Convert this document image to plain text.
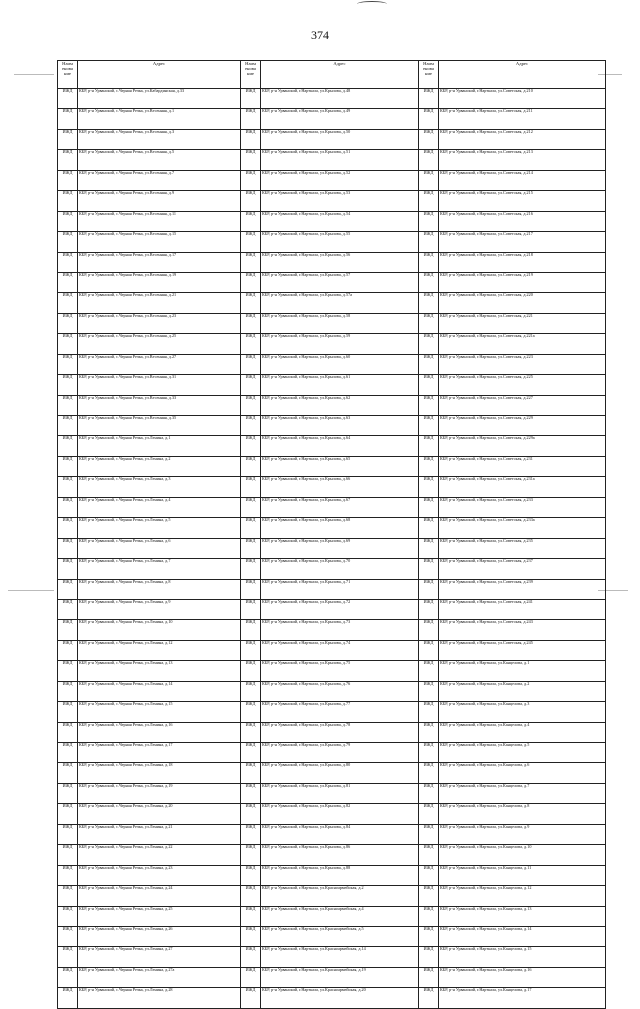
374
Наим енова ние	Адрес	Наим енова ние	Адрес	Наим енова ние	Адрес
ИЖД	КБР, р-н Урванский, с.Черная Речка, ул.Кабардинская, д.33	ИЖД	КБР, р-н Урванский, г.Нарткала, ул.Крылова, д.48	ИЖД	КБР, р-н Урванский, г.Нарткала, ул.Советская, д.210
ИЖД	КБР, р-н Урванский, с.Черная Речка, ул.Весенняя, д.1	ИЖД	КБР, р-н Урванский, г.Нарткала, ул.Крылова, д.49	ИЖД	КБР, р-н Урванский, г.Нарткала, ул.Советская, д.211
ИЖД	КБР, р-н Урванский, с.Черная Речка, ул.Весенняя, д.3	ИЖД	КБР, р-н Урванский, г.Нарткала, ул.Крылова, д.50	ИЖД	КБР, р-н Урванский, г.Нарткала, ул.Советская, д.212
ИЖД	КБР, р-н Урванский, с.Черная Речка, ул.Весенняя, д.5	ИЖД	КБР, р-н Урванский, г.Нарткала, ул.Крылова, д.51	ИЖД	КБР, р-н Урванский, г.Нарткала, ул.Советская, д.213
ИЖД	КБР, р-н Урванский, с.Черная Речка, ул.Весенняя, д.7	ИЖД	КБР, р-н Урванский, г.Нарткала, ул.Крылова, д.52	ИЖД	КБР, р-н Урванский, г.Нарткала, ул.Советская, д.214
ИЖД	КБР, р-н Урванский, с.Черная Речка, ул.Весенняя, д.9	ИЖД	КБР, р-н Урванский, г.Нарткала, ул.Крылова, д.53	ИЖД	КБР, р-н Урванский, г.Нарткала, ул.Советская, д.215
ИЖД	КБР, р-н Урванский, с.Черная Речка, ул.Весенняя, д.11	ИЖД	КБР, р-н Урванский, г.Нарткала, ул.Крылова, д.54	ИЖД	КБР, р-н Урванский, г.Нарткала, ул.Советская, д.216
ИЖД	КБР, р-н Урванский, с.Черная Речка, ул.Весенняя, д.15	ИЖД	КБР, р-н Урванский, г.Нарткала, ул.Крылова, д.55	ИЖД	КБР, р-н Урванский, г.Нарткала, ул.Советская, д.217
ИЖД	КБР, р-н Урванский, с.Черная Речка, ул.Весенняя, д.17	ИЖД	КБР, р-н Урванский, г.Нарткала, ул.Крылова, д.56	ИЖД	КБР, р-н Урванский, г.Нарткала, ул.Советская, д.218
ИЖД	КБР, р-н Урванский, с.Черная Речка, ул.Весенняя, д.19	ИЖД	КБР, р-н Урванский, г.Нарткала, ул.Крылова, д.57	ИЖД	КБР, р-н Урванский, г.Нарткала, ул.Советская, д.219
ИЖД	КБР, р-н Урванский, с.Черная Речка, ул.Весенняя, д.21	ИЖД	КБР, р-н Урванский, г.Нарткала, ул.Крылова, д.57а	ИЖД	КБР, р-н Урванский, г.Нарткала, ул.Советская, д.220
ИЖД	КБР, р-н Урванский, с.Черная Речка, ул.Весенняя, д.23	ИЖД	КБР, р-н Урванский, г.Нарткала, ул.Крылова, д.58	ИЖД	КБР, р-н Урванский, г.Нарткала, ул.Советская, д.221
ИЖД	КБР, р-н Урванский, с.Черная Речка, ул.Весенняя, д.25	ИЖД	КБР, р-н Урванский, г.Нарткала, ул.Крылова, д.59	ИЖД	КБР, р-н Урванский, г.Нарткала, ул.Советская, д.221а
ИЖД	КБР, р-н Урванский, с.Черная Речка, ул.Весенняя, д.27	ИЖД	КБР, р-н Урванский, г.Нарткала, ул.Крылова, д.60	ИЖД	КБР, р-н Урванский, г.Нарткала, ул.Советская, д.223
ИЖД	КБР, р-н Урванский, с.Черная Речка, ул.Весенняя, д.31	ИЖД	КБР, р-н Урванский, г.Нарткала, ул.Крылова, д.61	ИЖД	КБР, р-н Урванский, г.Нарткала, ул.Советская, д.225
ИЖД	КБР, р-н Урванский, с.Черная Речка, ул.Весенняя, д.33	ИЖД	КБР, р-н Урванский, г.Нарткала, ул.Крылова, д.62	ИЖД	КБР, р-н Урванский, г.Нарткала, ул.Советская, д.227
ИЖД	КБР, р-н Урванский, с.Черная Речка, ул.Весенняя, д.35	ИЖД	КБР, р-н Урванский, г.Нарткала, ул.Крылова, д.63	ИЖД	КБР, р-н Урванский, г.Нарткала, ул.Советская, д.229
ИЖД	КБР, р-н Урванский, с.Черная Речка, ул.Ленина, д.1	ИЖД	КБР, р-н Урванский, г.Нарткала, ул.Крылова, д.64	ИЖД	КБР, р-н Урванский, г.Нарткала, ул.Советская, д.229а
ИЖД	КБР, р-н Урванский, с.Черная Речка, ул.Ленина, д.2	ИЖД	КБР, р-н Урванский, г.Нарткала, ул.Крылова, д.65	ИЖД	КБР, р-н Урванский, г.Нарткала, ул.Советская, д.231
ИЖД	КБР, р-н Урванский, с.Черная Речка, ул.Ленина, д.3	ИЖД	КБР, р-н Урванский, г.Нарткала, ул.Крылова, д.66	ИЖД	КБР, р-н Урванский, г.Нарткала, ул.Советская, д.231а
ИЖД	КБР, р-н Урванский, с.Черная Речка, ул.Ленина, д.4	ИЖД	КБР, р-н Урванский, г.Нарткала, ул.Крылова, д.67	ИЖД	КБР, р-н Урванский, г.Нарткала, ул.Советская, д.233
ИЖД	КБР, р-н Урванский, с.Черная Речка, ул.Ленина, д.5	ИЖД	КБР, р-н Урванский, г.Нарткала, ул.Крылова, д.68	ИЖД	КБР, р-н Урванский, г.Нарткала, ул.Советская, д.233а
ИЖД	КБР, р-н Урванский, с.Черная Речка, ул.Ленина, д.6	ИЖД	КБР, р-н Урванский, г.Нарткала, ул.Крылова, д.69	ИЖД	КБР, р-н Урванский, г.Нарткала, ул.Советская, д.235
ИЖД	КБР, р-н Урванский, с.Черная Речка, ул.Ленина, д.7	ИЖД	КБР, р-н Урванский, г.Нарткала, ул.Крылова, д.70	ИЖД	КБР, р-н Урванский, г.Нарткала, ул.Советская, д.237
ИЖД	КБР, р-н Урванский, с.Черная Речка, ул.Ленина, д.8	ИЖД	КБР, р-н Урванский, г.Нарткала, ул.Крылова, д.71	ИЖД	КБР, р-н Урванский, г.Нарткала, ул.Советская, д.239
ИЖД	КБР, р-н Урванский, с.Черная Речка, ул.Ленина, д.9	ИЖД	КБР, р-н Урванский, г.Нарткала, ул.Крылова, д.72	ИЖД	КБР, р-н Урванский, г.Нарткала, ул.Советская, д.241
ИЖД	КБР, р-н Урванский, с.Черная Речка, ул.Ленина, д.10	ИЖД	КБР, р-н Урванский, г.Нарткала, ул.Крылова, д.73	ИЖД	КБР, р-н Урванский, г.Нарткала, ул.Советская, д.243
ИЖД	КБР, р-н Урванский, с.Черная Речка, ул.Ленина, д.12	ИЖД	КБР, р-н Урванский, г.Нарткала, ул.Крылова, д.74	ИЖД	КБР, р-н Урванский, г.Нарткала, ул.Советская, д.245
ИЖД	КБР, р-н Урванский, с.Черная Речка, ул.Ленина, д.13	ИЖД	КБР, р-н Урванский, г.Нарткала, ул.Крылова, д.75	ИЖД	КБР, р-н Урванский, г.Нарткала, ул.Канцелова, д.1
ИЖД	КБР, р-н Урванский, с.Черная Речка, ул.Ленина, д.14	ИЖД	КБР, р-н Урванский, г.Нарткала, ул.Крылова, д.76	ИЖД	КБР, р-н Урванский, г.Нарткала, ул.Канцелова, д.2
ИЖД	КБР, р-н Урванский, с.Черная Речка, ул.Ленина, д.15	ИЖД	КБР, р-н Урванский, г.Нарткала, ул.Крылова, д.77	ИЖД	КБР, р-н Урванский, г.Нарткала, ул.Канцелова, д.3
ИЖД	КБР, р-н Урванский, с.Черная Речка, ул.Ленина, д.16	ИЖД	КБР, р-н Урванский, г.Нарткала, ул.Крылова, д.78	ИЖД	КБР, р-н Урванский, г.Нарткала, ул.Канцелова, д.4
ИЖД	КБР, р-н Урванский, с.Черная Речка, ул.Ленина, д.17	ИЖД	КБР, р-н Урванский, г.Нарткала, ул.Крылова, д.79	ИЖД	КБР, р-н Урванский, г.Нарткала, ул.Канцелова, д.5
ИЖД	КБР, р-н Урванский, с.Черная Речка, ул.Ленина, д.18	ИЖД	КБР, р-н Урванский, г.Нарткала, ул.Крылова, д.80	ИЖД	КБР, р-н Урванский, г.Нарткала, ул.Канцелова, д.6
ИЖД	КБР, р-н Урванский, с.Черная Речка, ул.Ленина, д.19	ИЖД	КБР, р-н Урванский, г.Нарткала, ул.Крылова, д.81	ИЖД	КБР, р-н Урванский, г.Нарткала, ул.Канцелова, д.7
ИЖД	КБР, р-н Урванский, с.Черная Речка, ул.Ленина, д.20	ИЖД	КБР, р-н Урванский, г.Нарткала, ул.Крылова, д.82	ИЖД	КБР, р-н Урванский, г.Нарткала, ул.Канцелова, д.8
ИЖД	КБР, р-н Урванский, с.Черная Речка, ул.Ленина, д.21	ИЖД	КБР, р-н Урванский, г.Нарткала, ул.Крылова, д.84	ИЖД	КБР, р-н Урванский, г.Нарткала, ул.Канцелова, д.9
ИЖД	КБР, р-н Урванский, с.Черная Речка, ул.Ленина, д.22	ИЖД	КБР, р-н Урванский, г.Нарткала, ул.Крылова, д.86	ИЖД	КБР, р-н Урванский, г.Нарткала, ул.Канцелова, д.10
ИЖД	КБР, р-н Урванский, с.Черная Речка, ул.Ленина, д.23	ИЖД	КБР, р-н Урванский, г.Нарткала, ул.Крылова, д.88	ИЖД	КБР, р-н Урванский, г.Нарткала, ул.Канцелова, д.11
ИЖД	КБР, р-н Урванский, с.Черная Речка, ул.Ленина, д.24	ИЖД	КБР, р-н Урванский, г.Нарткала, ул.Красноармейская, д.2	ИЖД	КБР, р-н Урванский, г.Нарткала, ул.Канцелова, д.12
ИЖД	КБР, р-н Урванский, с.Черная Речка, ул.Ленина, д.25	ИЖД	КБР, р-н Урванский, г.Нарткала, ул.Красноармейская, д.4	ИЖД	КБР, р-н Урванский, г.Нарткала, ул.Канцелова, д.13
ИЖД	КБР, р-н Урванский, с.Черная Речка, ул.Ленина, д.26	ИЖД	КБР, р-н Урванский, г.Нарткала, ул.Красноармейская, д.5	ИЖД	КБР, р-н Урванский, г.Нарткала, ул.Канцелова, д.14
ИЖД	КБР, р-н Урванский, с.Черная Речка, ул.Ленина, д.27	ИЖД	КБР, р-н Урванский, г.Нарткала, ул.Красноармейская, д.14	ИЖД	КБР, р-н Урванский, г.Нарткала, ул.Канцелова, д.15
ИЖД	КБР, р-н Урванский, с.Черная Речка, ул.Ленина, д.27а	ИЖД	КБР, р-н Урванский, г.Нарткала, ул.Красноармейская, д.19	ИЖД	КБР, р-н Урванский, г.Нарткала, ул.Канцелова, д.16
ИЖД	КБР, р-н Урванский, с.Черная Речка, ул.Ленина, д.28	ИЖД	КБР, р-н Урванский, г.Нарткала, ул.Красноармейская, д.20	ИЖД	КБР, р-н Урванский, г.Нарткала, ул.Канцелова, д.17
